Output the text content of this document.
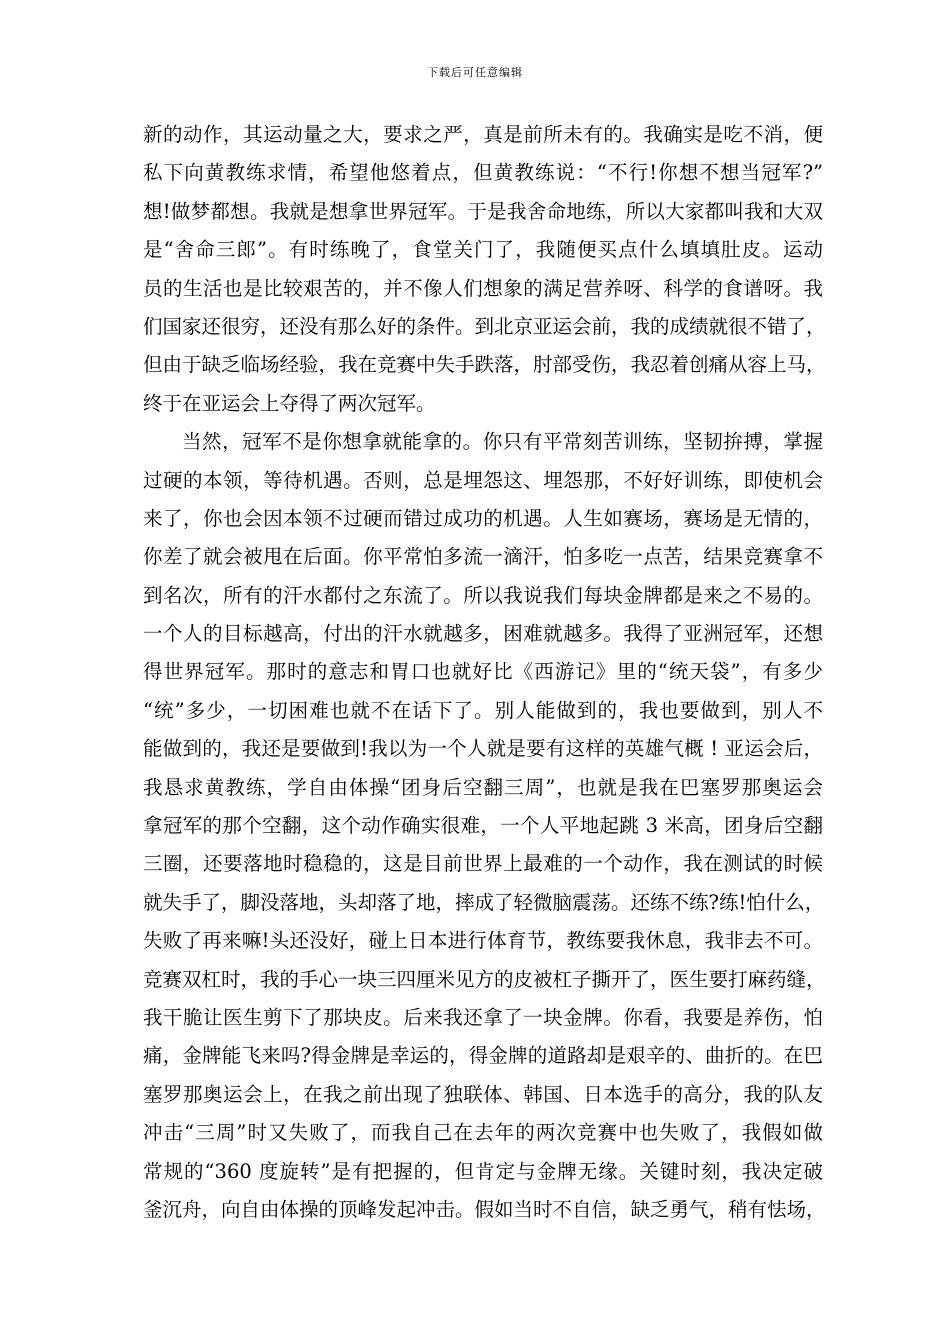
下载后可任意编辑
新的动作，其运动量之大，要求之严，真是前所未有的。我确实是吃不消，便
私下向黄教练求情，希望他悠着点，但黄教练说：“不行!你想不想当冠军?”
想!做梦都想。我就是想拿世界冠军。于是我舍命地练，所以大家都叫我和大双
是“舍命三郎”。有时练晚了，食堂关门了，我随便买点什么填填肚皮。运动
员的生活也是比较艰苦的，并不像人们想象的满足营养呀、科学的食谱呀。我
们国家还很穷，还没有那么好的条件。到北京亚运会前，我的成绩就很不错了，
但由于缺乏临场经验，我在竞赛中失手跌落，肘部受伤，我忍着创痛从容上马，
终于在亚运会上夺得了两次冠军。
当然，冠军不是你想拿就能拿的。你只有平常刻苦训练，坚韧拚搏，掌握
过硬的本领，等待机遇。否则，总是埋怨这、埋怨那，不好好训练，即使机会
来了，你也会因本领不过硬而错过成功的机遇。人生如赛场，赛场是无情的，
你差了就会被甩在后面。你平常怕多流一滴汗，怕多吃一点苦，结果竞赛拿不
到名次，所有的汗水都付之东流了。所以我说我们每块金牌都是来之不易的。
一个人的目标越高，付出的汗水就越多，困难就越多。我得了亚洲冠军，还想
得世界冠军。那时的意志和胃口也就好比《西游记》里的“统天袋”，有多少
“统”多少，一切困难也就不在话下了。别人能做到的，我也要做到，别人不
能做到的，我还是要做到!我以为一个人就是要有这样的英雄气概 ! 亚运会后，
我恳求黄教练，学自由体操“团身后空翻三周”，也就是我在巴塞罗那奥运会
拿冠军的那个空翻，这个动作确实很难，一个人平地起跳 3 米高，团身后空翻
三圈，还要落地时稳稳的，这是目前世界上最难的一个动作，我在测试的时候
就失手了，脚没落地，头却落了地，摔成了轻微脑震荡。还练不练?练!怕什么，
失败了再来嘛!头还没好，碰上日本进行体育节，教练要我休息，我非去不可。
竞赛双杠时，我的手心一块三四厘米见方的皮被杠子撕开了，医生要打麻药缝，
我干脆让医生剪下了那块皮。后来我还拿了一块金牌。你看，我要是养伤，怕
痛，金牌能飞来吗?得金牌是幸运的，得金牌的道路却是艰辛的、曲折的。在巴
塞罗那奥运会上，在我之前出现了独联体、韩国、日本选手的高分，我的队友
冲击“三周”时又失败了，而我自己在去年的两次竞赛中也失败了，我假如做
常规的“360 度旋转”是有把握的，但肯定与金牌无缘。关键时刻，我决定破
釜沉舟，向自由体操的顶峰发起冲击。假如当时不自信，缺乏勇气，稍有怯场，
